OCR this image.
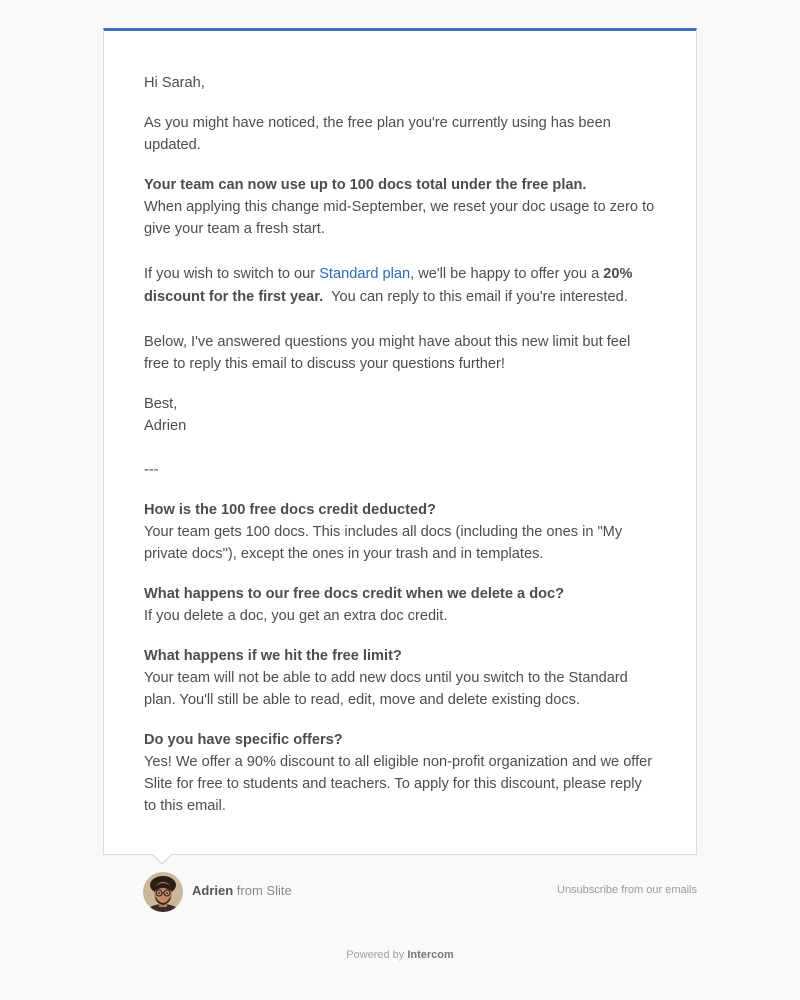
Hi Sarah,

As you might have noticed, the free plan you're currently using has been updated.

Your team can now use up to 100 docs total under the free plan.
When applying this change mid-September, we reset your doc usage to zero to give your team a fresh start.

If you wish to switch to our Standard plan, we'll be happy to offer you a 20% discount for the first year.  You can reply to this email if you're interested.

Below, I've answered questions you might have about this new limit but feel free to reply this email to discuss your questions further!

Best,
Adrien

---

How is the 100 free docs credit deducted?
Your team gets 100 docs. This includes all docs (including the ones in "My private docs"), except the ones in your trash and in templates.

What happens to our free docs credit when we delete a doc?
If you delete a doc, you get an extra doc credit.

What happens if we hit the free limit?
Your team will not be able to add new docs until you switch to the Standard plan. You'll still be able to read, edit, move and delete existing docs.

Do you have specific offers?
Yes! We offer a 90% discount to all eligible non-profit organization and we offer Slite for free to students and teachers. To apply for this discount, please reply to this email.

Adrien from Slite	Unsubscribe from our emails
Powered by Intercom
